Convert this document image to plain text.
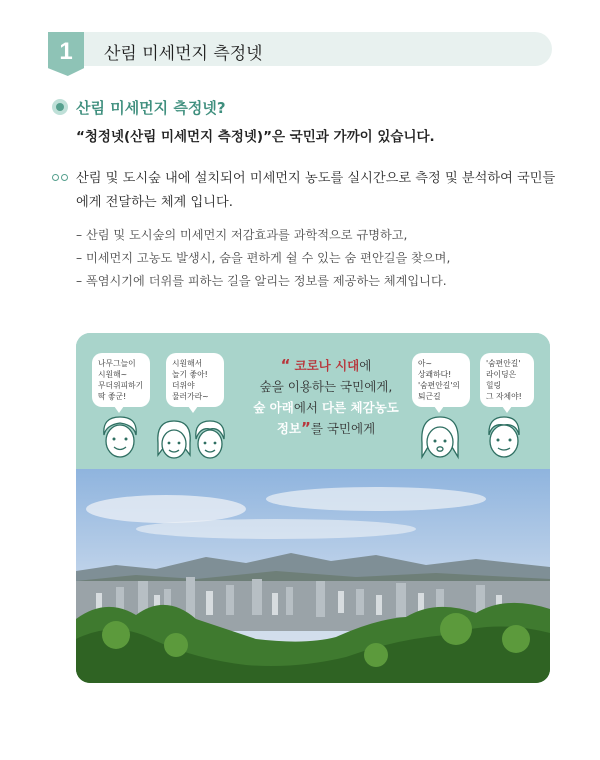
1	산림 미세먼지 측정넷
산림 미세먼지 측정넷?
“청정넷(산림 미세먼지 측정넷)”은 국민과 가까이 있습니다.
산림 및 도시숲 내에 설치되어 미세먼지 농도를 실시간으로 측정 및 분석하여 국민들에게 전달하는 체계 입니다.
– 산림 및 도시숲의 미세먼지 저감효과를 과학적으로 규명하고,
– 미세먼지 고농도 발생시, 숨을 편하게 쉴 수 있는 숨 편안길을 찾으며,
– 폭염시기에 더위를 피하는 길을 알리는 정보를 제공하는 체계입니다.
나무그늘이
시원해~
무더위피하기
딱 좋군!
시원해서
놀기 좋아!
더위야
물러가라~
아~
상쾌하다!
'숨편안길'의
퇴근길
'숨편안길'
라이딩은
힐링
그 자체야!
“ 코로나 시대에
숲을 이용하는 국민에게,
숲 아래에서 다른 체감농도
정보”를 국민에게
